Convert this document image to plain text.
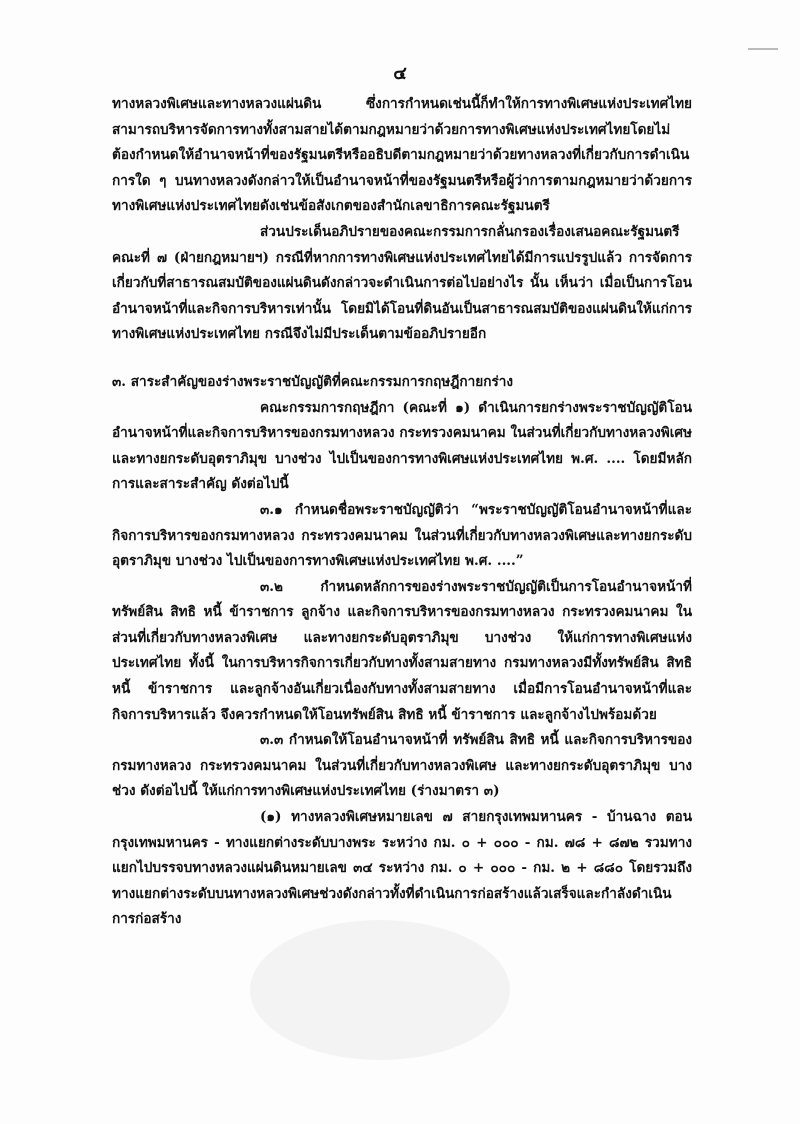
๔

ทางหลวงพิเศษและทางหลวงแผ่นดิน ซึ่งการกำหนดเช่นนี้ก็ทำให้การทางพิเศษแห่งประเทศไทยสามารถบริหารจัดการทางทั้งสามสายได้ตามกฎหมายว่าด้วยการทางพิเศษแห่งประเทศไทยโดยไม่ต้องกำหนดให้อำนาจหน้าที่ของรัฐมนตรีหรืออธิบดีตามกฎหมายว่าด้วยทางหลวงที่เกี่ยวกับการดำเนินการใด ๆ บนทางหลวงดังกล่าวให้เป็นอำนาจหน้าที่ของรัฐมนตรีหรือผู้ว่าการตามกฎหมายว่าด้วยการทางพิเศษแห่งประเทศไทยดังเช่นข้อสังเกตของสำนักเลขาธิการคณะรัฐมนตรี

ส่วนประเด็นอภิปรายของคณะกรรมการกลั่นกรองเรื่องเสนอคณะรัฐมนตรีคณะที่ ๗ (ฝ่ายกฎหมายฯ) กรณีที่หากการทางพิเศษแห่งประเทศไทยได้มีการแปรรูปแล้ว การจัดการเกี่ยวกับที่สาธารณสมบัติของแผ่นดินดังกล่าวจะดำเนินการต่อไปอย่างไร นั้น เห็นว่า เมื่อเป็นการโอนอำนาจหน้าที่และกิจการบริหารเท่านั้น โดยมิได้โอนที่ดินอันเป็นสาธารณสมบัติของแผ่นดินให้แก่การทางพิเศษแห่งประเทศไทย กรณีจึงไม่มีประเด็นตามข้ออภิปรายอีก

๓. สาระสำคัญของร่างพระราชบัญญัติที่คณะกรรมการกฤษฎีกายกร่าง

คณะกรรมการกฤษฎีกา (คณะที่ ๑) ดำเนินการยกร่างพระราชบัญญัติโอนอำนาจหน้าที่และกิจการบริหารของกรมทางหลวง กระทรวงคมนาคม ในส่วนที่เกี่ยวกับทางหลวงพิเศษและทางยกระดับอุตราภิมุข บางช่วง ไปเป็นของการทางพิเศษแห่งประเทศไทย พ.ศ. .... โดยมีหลักการและสาระสำคัญ ดังต่อไปนี้

๓.๑ กำหนดชื่อพระราชบัญญัติว่า “พระราชบัญญัติโอนอำนาจหน้าที่และกิจการบริหารของกรมทางหลวง กระทรวงคมนาคม ในส่วนที่เกี่ยวกับทางหลวงพิเศษและทางยกระดับอุตราภิมุข บางช่วง ไปเป็นของการทางพิเศษแห่งประเทศไทย พ.ศ. ....”

๓.๒ กำหนดหลักการของร่างพระราชบัญญัติเป็นการโอนอำนาจหน้าที่ ทรัพย์สิน สิทธิ หนี้ ข้าราชการ ลูกจ้าง และกิจการบริหารของกรมทางหลวง กระทรวงคมนาคม ในส่วนที่เกี่ยวกับทางหลวงพิเศษ และทางยกระดับอุตราภิมุข บางช่วง ให้แก่การทางพิเศษแห่งประเทศไทย ทั้งนี้ ในการบริหารกิจการเกี่ยวกับทางทั้งสามสายทาง กรมทางหลวงมีทั้งทรัพย์สิน สิทธิ หนี้ ข้าราชการ และลูกจ้างอันเกี่ยวเนื่องกับทางทั้งสามสายทาง เมื่อมีการโอนอำนาจหน้าที่และกิจการบริหารแล้ว จึงควรกำหนดให้โอนทรัพย์สิน สิทธิ หนี้ ข้าราชการ และลูกจ้างไปพร้อมด้วย

๓.๓ กำหนดให้โอนอำนาจหน้าที่ ทรัพย์สิน สิทธิ หนี้ และกิจการบริหารของกรมทางหลวง กระทรวงคมนาคม ในส่วนที่เกี่ยวกับทางหลวงพิเศษ และทางยกระดับอุตราภิมุข บางช่วง ดังต่อไปนี้ ให้แก่การทางพิเศษแห่งประเทศไทย (ร่างมาตรา ๓)

(๑) ทางหลวงพิเศษหมายเลข ๗ สายกรุงเทพมหานคร - บ้านฉาง ตอนกรุงเทพมหานคร - ทางแยกต่างระดับบางพระ ระหว่าง กม. ๐ + ๐๐๐ - กม. ๗๘ + ๘๗๒ รวมทางแยกไปบรรจบทางหลวงแผ่นดินหมายเลข ๓๔ ระหว่าง กม. ๐ + ๐๐๐ - กม. ๒ + ๘๘๐ โดยรวมถึงทางแยกต่างระดับบนทางหลวงพิเศษช่วงดังกล่าวทั้งที่ดำเนินการก่อสร้างแล้วเสร็จและกำลังดำเนินการก่อสร้าง
